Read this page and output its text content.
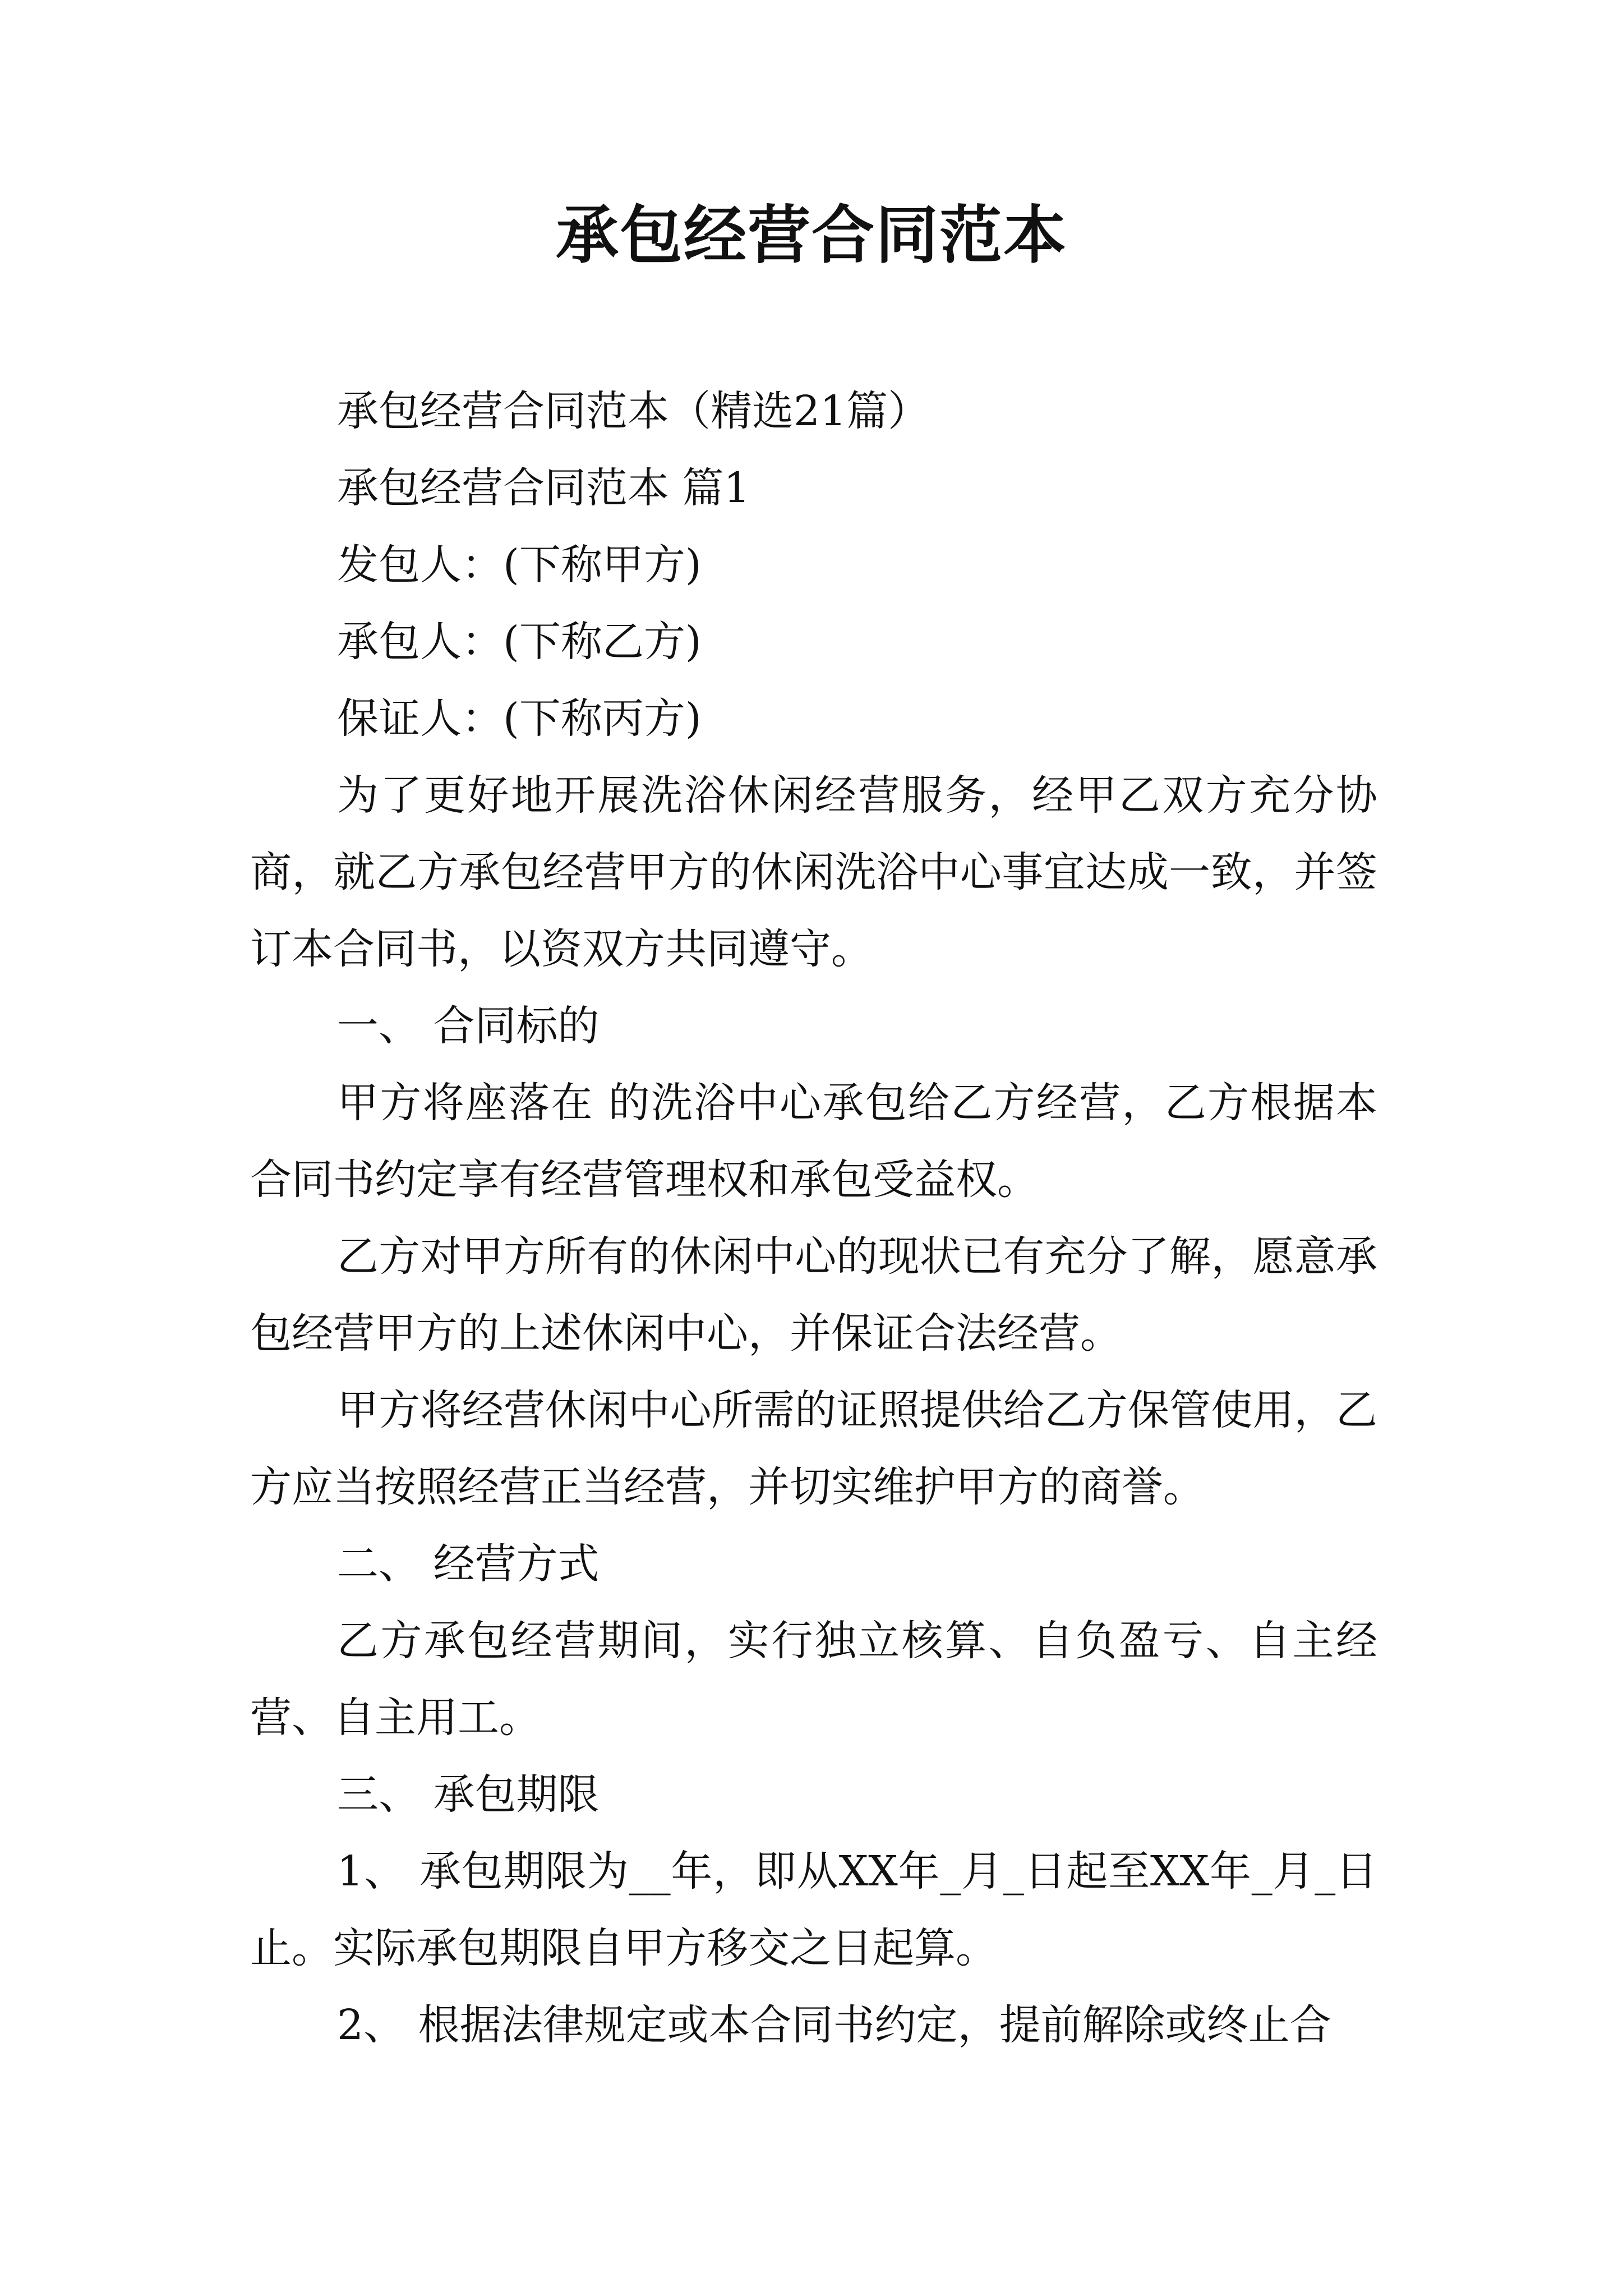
承包经营合同范本

承包经营合同范本（精选21篇）

承包经营合同范本 篇1

发包人：(下称甲方)

承包人：(下称乙方)

保证人：(下称丙方)

为了更好地开展洗浴休闲经营服务，经甲乙双方充分协商，就乙方承包经营甲方的休闲洗浴中心事宜达成一致，并签订本合同书，以资双方共同遵守。

一、 合同标的

甲方将座落在 的洗浴中心承包给乙方经营，乙方根据本合同书约定享有经营管理权和承包受益权。

乙方对甲方所有的休闲中心的现状已有充分了解，愿意承包经营甲方的上述休闲中心，并保证合法经营。

甲方将经营休闲中心所需的证照提供给乙方保管使用，乙方应当按照经营正当经营，并切实维护甲方的商誉。

二、 经营方式

乙方承包经营期间，实行独立核算、自负盈亏、自主经营、自主用工。

三、 承包期限

1、 承包期限为__年，即从XX年_月_日起至XX年_月_日止。实际承包期限自甲方移交之日起算。

2、 根据法律规定或本合同书约定，提前解除或终止合
